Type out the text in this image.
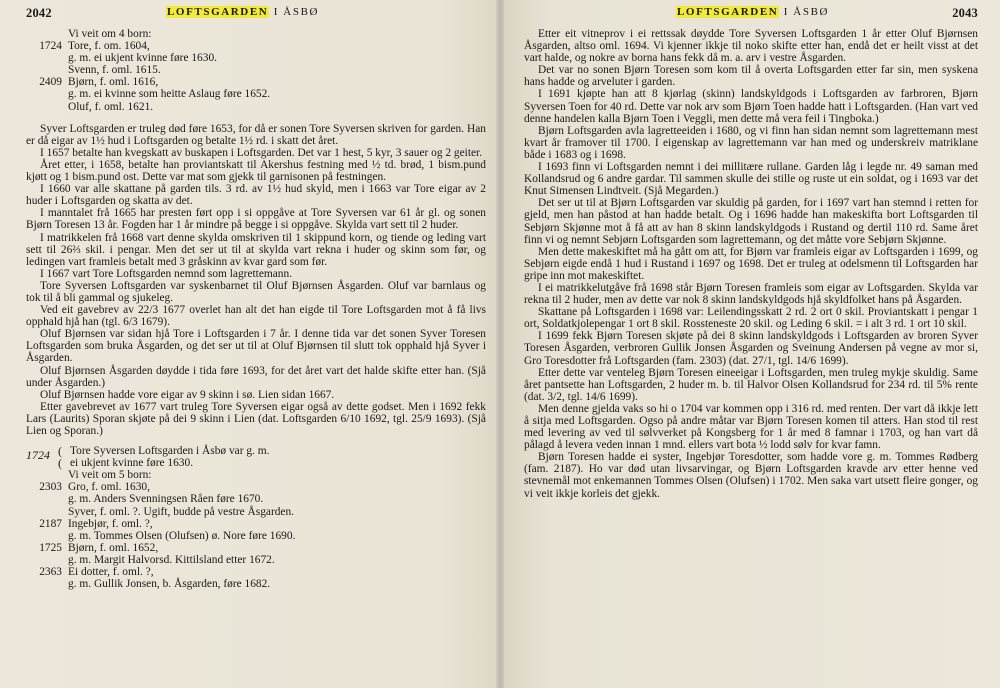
2042	LOFTSGARDEN I ÅSBØ
Vi veit om 4 born:
1724 Tore, f. om. 1604,
g. m. ei ukjent kvinne føre 1630.
Svenn, f. oml. 1615.
2409 Bjørn, f. oml. 1616,
g. m. ei kvinne som heitte Aslaug føre 1652.
Oluf, f. oml. 1621.

Syver Loftsgarden er truleg død føre 1653, for då er sonen Tore Syversen skriven for garden. Han er då eigar av 1½ hud i Loftsgarden og betalte 1½ rd. i skatt det året.

I 1657 betalte han kvegskatt av buskapen i Loftsgarden. Det var 1 hest, 5 kyr, 3 sauer og 2 geiter.

Året etter, i 1658, betalte han proviantskatt til Akershus festning med ½ td. brød, 1 bism.pund kjøtt og 1 bism.pund ost. Dette var mat som gjekk til garnisonen på festningen.

I 1660 var alle skattane på garden tils. 3 rd. av 1½ hud skyld, men i 1663 var Tore eigar av 2 huder i Loftsgarden og skatta av det.

I manntalet frå 1665 har presten ført opp i si oppgåve at Tore Syversen var 61 år gl. og sonen Bjørn Toresen 13 år. Fogden har 1 år mindre på begge i si oppgåve. Skylda vart sett til 2 huder.

I matrikkelen frå 1668 vart denne skylda omskriven til 1 skippund korn, og tiende og leding vart sett til 26⅔ skil. i pengar. Men det ser ut til at skylda vart rekna i huder og skinn som før, og ledingen vart framleis betalt med 3 gråskinn av kvar gard som før.

I 1667 vart Tore Loftsgarden nemnd som lagrettemann.

Tore Syversen Loftsgarden var syskenbarnet til Oluf Bjørnsen Åsgarden. Oluf var barnlaus og tok til å bli gammal og sjukeleg.

Ved eit gavebrev av 22/3 1677 overlet han alt det han eigde til Tore Loftsgarden mot å få livs opphald hjå han (tgl. 6/3 1679).

Oluf Bjørnsen var sidan hjå Tore i Loftsgarden i 7 år. I denne tida var det sonen Syver Toresen Loftsgarden som bruka Åsgarden, og det ser ut til at Oluf Bjørnsen til slutt tok opphald hjå Syver i Åsgarden.

Oluf Bjørnsen Åsgarden døydde i tida føre 1693, for det året vart det halde skifte etter han. (Sjå under Åsgarden.)

Oluf Bjørnsen hadde vore eigar av 9 skinn i sø. Lien sidan 1667.

Etter gavebrevet av 1677 vart truleg Tore Syversen eigar også av dette godset. Men i 1692 fekk Lars (Laurits) Sporan skjøte på dei 9 skinn i Lien (dat. Loftsgarden 6/10 1692, tgl. 25/9 1693). (Sjå Lien og Sporan.)

1724 ( Tore Syversen Loftsgarden i Åsbø var g. m.
( ei ukjent kvinne føre 1630.
Vi veit om 5 born:
2303 Gro, f. oml. 1630,
g. m. Anders Svenningsen Råen føre 1670.
Syver, f. oml. ?. Ugift, budde på vestre Åsgarden.
2187 Ingebjør, f. oml. ?,
g. m. Tommes Olsen (Olufsen) ø. Nore føre 1690.
1725 Bjørn, f. oml. 1652,
g. m. Margit Halvorsd. Kittilsland etter 1672.
2363 Ei dotter, f. oml. ?,
g. m. Gullik Jonsen, b. Åsgarden, føre 1682.
LOFTSGARDEN I ÅSBØ	2043

Etter eit vitneprov i ei rettssak døydde Tore Syversen Loftsgarden 1 år etter Oluf Bjørnsen Åsgarden, altso oml. 1694. Vi kjenner ikkje til noko skifte etter han, endå det er heilt visst at det vart halde, og nokre av borna hans fekk då m. a. arv i vestre Åsgarden.

Det var no sonen Bjørn Toresen som kom til å overta Loftsgarden etter far sin, men syskena hans hadde og arveluter i garden.

I 1691 kjøpte han att 8 kjørlag (skinn) landskyldgods i Loftsgarden av farbroren, Bjørn Syversen Toen for 40 rd. Dette var nok arv som Bjørn Toen hadde hatt i Loftsgarden. (Han vart ved denne handelen kalla Bjørn Toen i Veggli, men dette må vera feil i Tingboka.)

Bjørn Loftsgarden avla lagretteeiden i 1680, og vi finn han sidan nemnt som lagrettemann mest kvart år framover til 1700. I eigenskap av lagrettemann var han med og underskreiv matriklane både i 1683 og i 1698.

I 1693 finn vi Loftsgarden nemnt i dei millitære rullane. Garden låg i legde nr. 49 saman med Kollandsrud og 6 andre gardar. Til sammen skulle dei stille og ruste ut ein soldat, og i 1693 var det Knut Simensen Lindtveit. (Sjå Megarden.)

Det ser ut til at Bjørn Loftsgarden var skuldig på garden, for i 1697 vart han stemnd i retten for gjeld, men han påstod at han hadde betalt. Og i 1696 hadde han makeskifta bort Loftsgarden til Sebjørn Skjønne mot å få att av han 8 skinn landskyldgods i Rustand og dertil 110 rd. Same året finn vi og nemnt Sebjørn Loftsgarden som lagrettemann, og det måtte vore Sebjørn Skjønne.

Men dette makeskiftet må ha gått om att, for Bjørn var framleis eigar av Loftsgarden i 1699, og Sebjørn eigde endå 1 hud i Rustand i 1697 og 1698. Det er truleg at odelsmenn til Loftsgarden har gripe inn mot makeskiftet.

I ei matrikkelutgåve frå 1698 står Bjørn Toresen framleis som eigar av Loftsgarden. Skylda var rekna til 2 huder, men av dette var nok 8 skinn landskyldgods hjå skyldfolket hans på Åsgarden.

Skattane på Loftsgarden i 1698 var: Leilendingsskatt 2 rd. 2 ort 0 skil. Proviantskatt i pengar 1 ort, Soldatkjolepengar 1 ort 8 skil. Rossteneste 20 skil. og Leding 6 skil. = i alt 3 rd. 1 ort 10 skil.

I 1699 fekk Bjørn Toresen skjøte på dei 8 skinn landskyldgods i Loftsgarden av broren Syver Toresen Åsgarden, verbroren Gullik Jonsen Åsgarden og Sveinung Andersen på vegne av mor si, Gro Toresdotter frå Loftsgarden (fam. 2303) (dat. 27/1, tgl. 14/6 1699).

Etter dette var venteleg Bjørn Toresen eineeigar i Loftsgarden, men truleg mykje skuldig. Same året pantsette han Loftsgarden, 2 huder m. b. til Halvor Olsen Kollandsrud for 234 rd. til 5% rente (dat. 3/2, tgl. 14/6 1699).

Men denne gjelda vaks so hi o 1704 var kommen opp i 316 rd. med renten. Der vart då ikkje lett å sitja med Loftsgarden. Ogso på andre måtar var Bjørn Toresen komen til atters. Han stod til rest med levering av ved til sølvverket på Kongsberg for 1 år med 8 famnar i 1703, og han vart då pålagd å levera veden innan 1 mnd. ellers vart bota ½ lodd sølv for kvar famn.

Bjørn Toresen hadde ei syster, Ingebjør Toresdotter, som hadde vore g. m. Tommes Rødberg (fam. 2187). Ho var død utan livsarvingar, og Bjørn Loftsgarden kravde arv etter henne ved stevnemål mot enkemannen Tommes Olsen (Olufsen) i 1702. Men saka vart utsett fleire gonger, og vi veit ikkje korleis det gjekk.
